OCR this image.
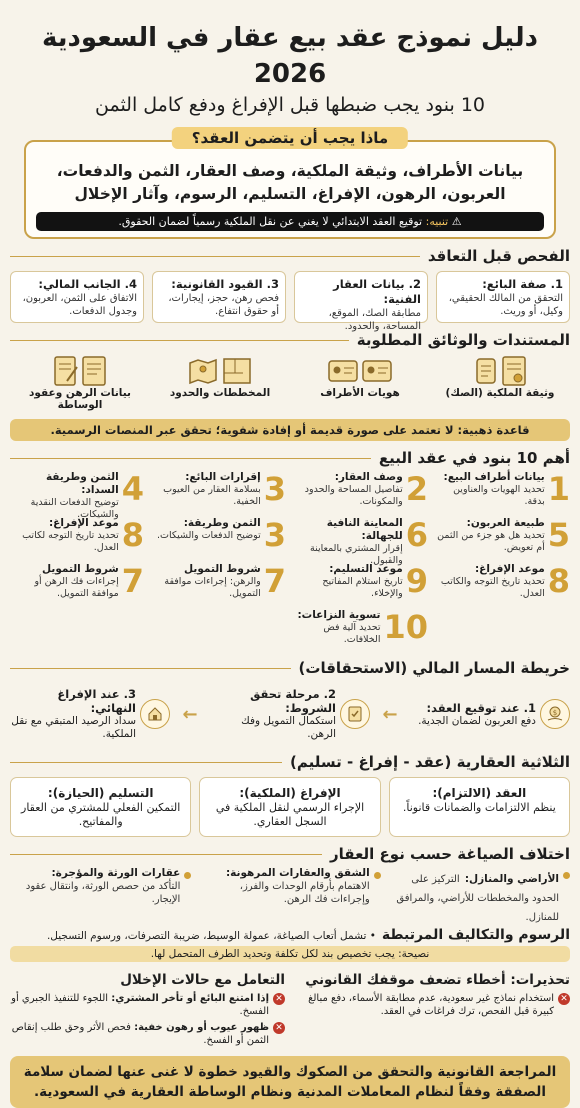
دليل نموذج عقد بيع عقار في السعودية 2026
10 بنود يجب ضبطها قبل الإفراغ ودفع كامل الثمن
ماذا يجب أن يتضمن العقد؟
بيانات الأطراف، وثيقة الملكية، وصف العقار، الثمن والدفعات، العربون، الرهون، الإفراغ، التسليم، الرسوم، وآثار الإخلال
⚠ تنبيه: توقيع العقد الابتدائي لا يغني عن نقل الملكية رسمياً لضمان الحقوق.
الفحص قبل التعاقد
1. صفة البائع:
التحقق من المالك الحقيقي، وكيل، أو وريث.
2. بيانات العقار الفنية:
مطابقة الصك، الموقع، المساحة، والحدود.
3. القيود القانونية:
فحص رهن، حجز، إيجارات، أو حقوق انتفاع.
4. الجانب المالي:
الاتفاق على الثمن، العربون، وجدول الدفعات.
المستندات والوثائق المطلوبة
وثيقة الملكية (الصك)
هويات الأطراف
المخططات والحدود
بيانات الرهن وعقود الوساطة
قاعدة ذهبية: لا تعتمد على صورة قديمة أو إفادة شفوية؛ تحقق عبر المنصات الرسمية.
أهم 10 بنود في عقد البيع
1
بيانات أطراف البيع:
تحديد الهويات والعناوين بدقة.
2
وصف العقار:
تفاصيل المساحة والحدود والمكونات.
3
إقرارات البائع:
بسلامة العقار من العيوب الخفية.
4
الثمن وطريقة السداد:
توضيح الدفعات النقدية والشيكات.
5
طبيعة العربون:
تحديد هل هو جزء من الثمن أم تعويض.
6
المعاينة النافية للجهالة:
إقرار المشتري بالمعاينة والقبول.
3
الثمن وطريقة:
توضيح الدفعات والشيكات.
8
موعد الإفراغ:
تحديد تاريخ التوجه لكاتب العدل.
8
موعد الإفراغ:
تحديد تاريخ التوجه والكاتب العدل.
9
موعد التسليم:
تاريخ استلام المفاتيح والإخلاء.
7
شروط التمويل
والرهن: إجراءات موافقة التمويل.
7
شروط التمويل
إجراءات فك الرهن أو موافقة التمويل.
10
تسوية النزاعات:
تحديد آلية فض الخلافات.
خريطة المسار المالي (الاستحقاقات)
$
1. عند توقيع العقد:
دفع العربون لضمان الجدية.
←
2. مرحلة تحقق الشروط:
استكمال التمويل وفك الرهن.
←
3. عند الإفراغ النهائي:
سداد الرصيد المتبقي مع نقل الملكية.
الثلاثية العقارية (عقد - إفراغ - تسليم)
العقد (الالتزام):
ينظم الالتزامات والضمانات قانوناً.
الإفراغ (الملكية):
الإجراء الرسمي لنقل الملكية في السجل العقاري.
التسليم (الحيازة):
التمكين الفعلي للمشتري من العقار والمفاتيح.
اختلاف الصياغة حسب نوع العقار
الأراضي والمنازل: التركيز على الحدود والمخططات للأراضي، والمرافق للمنازل.
الشقق والعقارات المرهونة:
الاهتمام بأرقام الوحدات والفرز، وإجراءات فك الرهن.
عقارات الورثة والمؤجرة:
التأكد من حصص الورثة، وانتقال عقود الإيجار.
الرسوم والتكاليف المرتبطة
• تشمل أتعاب الصياغة، عمولة الوسيط، ضريبة التصرفات، ورسوم التسجيل.
نصيحة: يجب تخصيص بند لكل تكلفة وتحديد الطرف المتحمل لها.
تحذيرات: أخطاء تضعف موقفك القانوني
✕
استخدام نماذج غير سعودية، عدم مطابقة الأسماء، دفع مبالغ كبيرة قبل الفحص، ترك فراغات في العقد.
التعامل مع حالات الإخلال
✕
إذا امتنع البائع أو تأخر المشتري: اللجوء للتنفيذ الجبري أو الفسخ.
✕
ظهور عيوب أو رهون خفية: فحص الأثر وحق طلب إنقاص الثمن أو الفسخ.
المراجعة القانونية والتحقق من الصكوك والقيود خطوة لا غنى عنها لضمان سلامة الصفقة وفقاً لنظام المعاملات المدنية ونظام الوساطة العقارية في السعودية.
